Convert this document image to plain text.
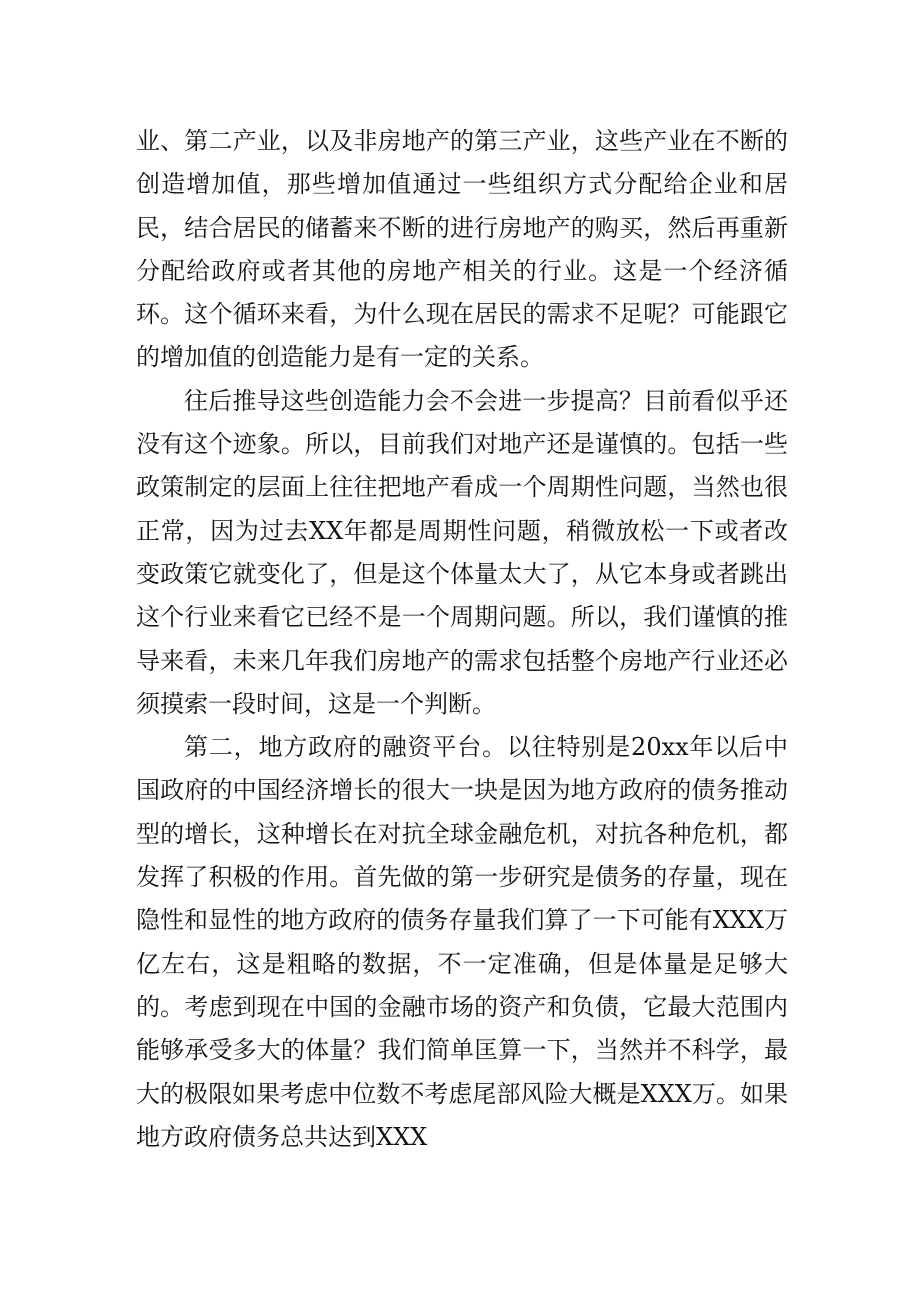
业、第二产业，以及非房地产的第三产业，这些产业在不断的创造增加值，那些增加值通过一些组织方式分配给企业和居民，结合居民的储蓄来不断的进行房地产的购买，然后再重新分配给政府或者其他的房地产相关的行业。这是一个经济循环。这个循环来看，为什么现在居民的需求不足呢？可能跟它的增加值的创造能力是有一定的关系。

往后推导这些创造能力会不会进一步提高？目前看似乎还没有这个迹象。所以，目前我们对地产还是谨慎的。包括一些政策制定的层面上往往把地产看成一个周期性问题，当然也很正常，因为过去XX年都是周期性问题，稍微放松一下或者改变政策它就变化了，但是这个体量太大了，从它本身或者跳出这个行业来看它已经不是一个周期问题。所以，我们谨慎的推导来看，未来几年我们房地产的需求包括整个房地产行业还必须摸索一段时间，这是一个判断。

第二，地方政府的融资平台。以往特别是20xx年以后中国政府的中国经济增长的很大一块是因为地方政府的债务推动型的增长，这种增长在对抗全球金融危机，对抗各种危机，都发挥了积极的作用。首先做的第一步研究是债务的存量，现在隐性和显性的地方政府的债务存量我们算了一下可能有XXX万亿左右，这是粗略的数据，不一定准确，但是体量是足够大的。考虑到现在中国的金融市场的资产和负债，它最大范围内能够承受多大的体量？我们简单匡算一下，当然并不科学，最大的极限如果考虑中位数不考虑尾部风险大概是XXX万。如果地方政府债务总共达到XXX
